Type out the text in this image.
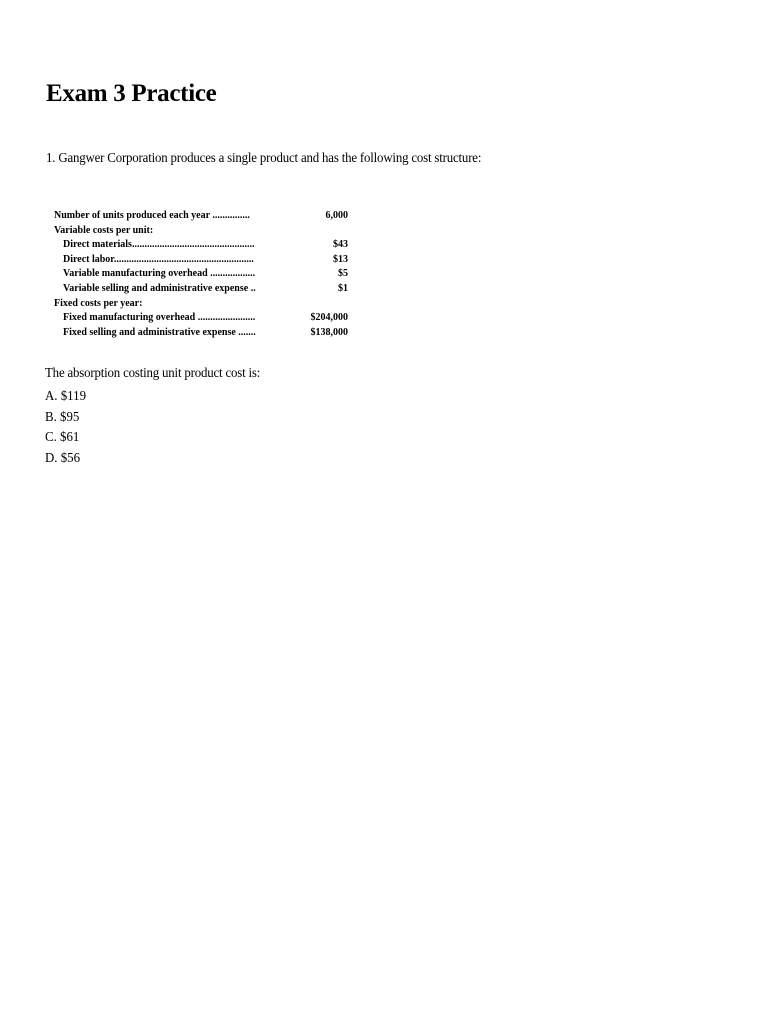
Exam 3 Practice

1. Gangwer Corporation produces a single product and has the following cost structure:

Number of units produced each year ...............	6,000
Variable costs per unit:
Direct materials.................................................	$43
Direct labor........................................................	$13
Variable manufacturing overhead ..................	$5
Variable selling and administrative expense ..	$1
Fixed costs per year:
Fixed manufacturing overhead .......................	$204,000
Fixed selling and administrative expense .......	$138,000

The absorption costing unit product cost is:

A. $119
B. $95
C. $61
D. $56
